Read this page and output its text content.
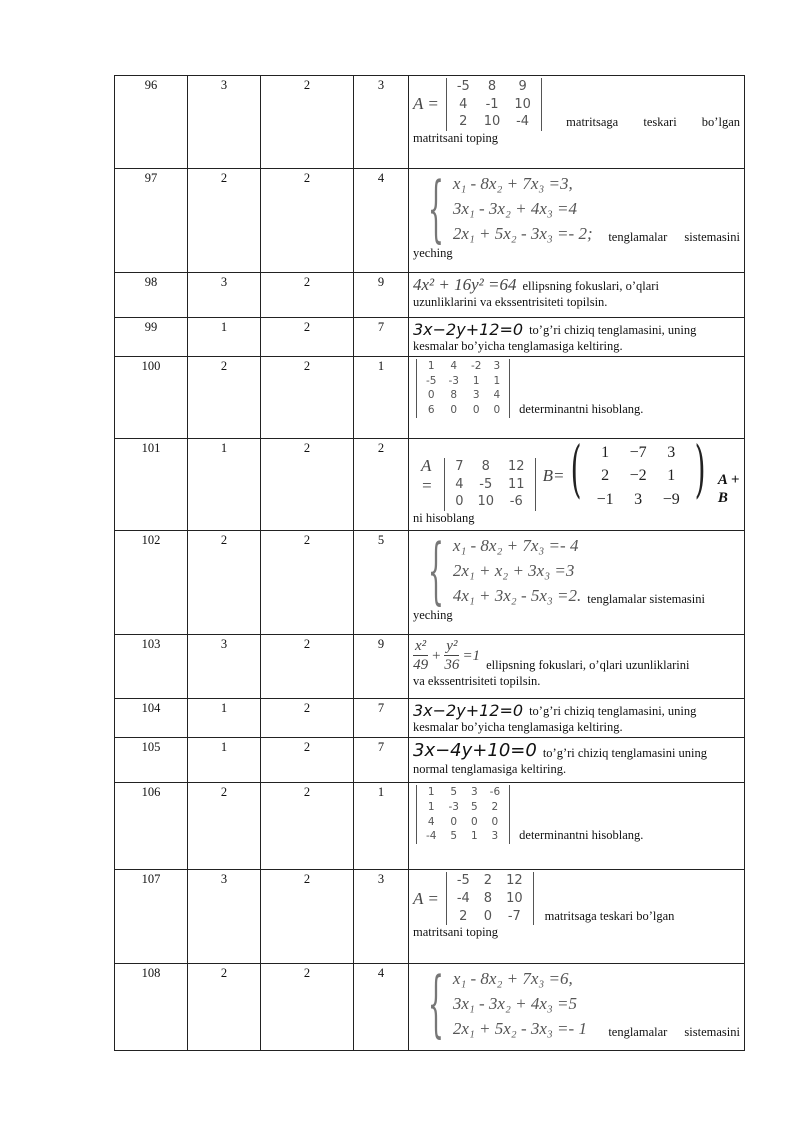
96	3	2	3	
A =
-5	8	9
4	-1	10
2	10	-4	matritsaga teskari bo’lgan
matritsani toping

97	2	2	4	{ x₁ - 8x₂ + 7x₃ =3,
3x₁ - 3x₂ + 4x₃ =4
2x₁ + 5x₂ - 3x₃ =- 2; tenglamalar sistemasini
yeching

98	3	2	9	4x² + 16y² =64 ellipsning fokuslari, o’qlari
uzunliklarini va ekssentrisiteti topilsin.

99	1	2	7	3x−2y+12=0 to’g’ri chiziq tenglamasini, uning
kesmalar bo’yicha tenglamasiga keltiring.

100	2	2	1		1	4	-2	3
-5	-3	1	1
0	8	3	4
6	0	0	0 determinantni hisoblang.

101	1	2	2	
A =
7	8	12
4	-5	11
0	10	-6
B= ( 1	−7	3
2	−2	1
−1	3	−9 ) A + B
ni hisoblang

102	2	2	5	{ x₁ - 8x₂ + 7x₃ =- 4
2x₁ + x₂ + 3x₃ =3
4x₁ + 3x₂ - 5x₃ =2. tenglamalar sistemasini
yeching

103	3	2	9	$\frac{\text{x²}}{49} + \frac{\text{y²}}{36} =1$
ellipsning fokuslari, o’qlari uzunliklarini
va ekssentrisiteti topilsin.

104	1	2	7	3x−2y+12=0 to’g’ri chiziq tenglamasini, uning
kesmalar bo’yicha tenglamasiga keltiring.

105	1	2	7	3x−4y+10=0 to’g’ri chiziq tenglamasini uning
normal tenglamasiga keltiring.

106	2	2	1		1	5	3	-6
1	-3	5	2
4	0	0	0
-4	5	1	3 determinantni hisoblang.

107	3	2	3	
A =
-5	2	12
-4	8	10
2	0	-7 matritsaga teskari bo’lgan
matritsani toping

108	2	2	4	{ x₁ - 8x₂ + 7x₃ =6,
3x₁ - 3x₂ + 4x₃ =5
2x₁ + 5x₂ - 3x₃ =- 1	tenglamalar sistemasini
